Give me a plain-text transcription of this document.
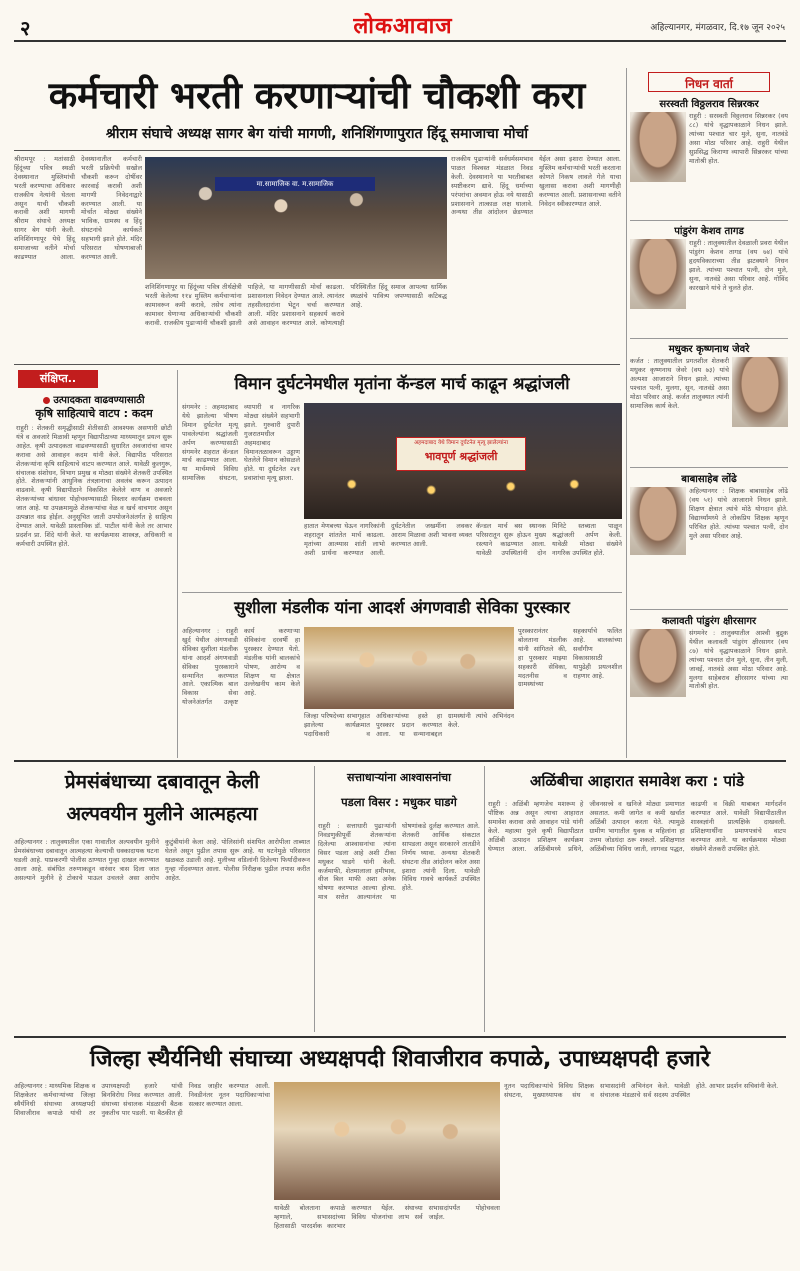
२	लोकआवाज	अहिल्यानगर, मंगळवार, दि.१७ जून २०२५
कर्मचारी भरती करणाऱ्यांची चौकशी करा
श्रीराम संघाचे अध्यक्ष सागर बेग यांची मागणी, शनिशिंगणापुरात हिंदू समाजाचा मोर्चा
श्रीरामपूर : मतांसाठी हिंदूंच्या पवित्र स्थळी देवस्थानात मुस्लिमांची भरती करण्याचा अधिकार राजकीय नेत्यांनी घेतला असून याची चौकशी करावी अशी मागणी श्रीराम संघाचे अध्यक्ष सागर बेग यांनी केली. शनिशिंगणापूर येथे हिंदू समाजाच्या वतीने मोर्चा काढण्यात आला. देवस्थानातील कर्मचारी भरती प्रक्रियेची सखोल चौकशी करून दोषींवर कारवाई करावी अशी मागणी निवेदनाद्वारे करण्यात आली. या मोर्चात मोठ्या संख्येने भाविक, ग्रामस्थ व हिंदू संघटनांचे कार्यकर्ते सहभागी झाले होते. मंदिर परिसरात घोषणाबाजी करण्यात आली.
मा.सामाजिक वा. म.सामाजिक
शनिशिंगणापूर या हिंदूंच्या पवित्र तीर्थक्षेत्री भरती केलेल्या ११४ मुस्लिम कर्मचाऱ्यांना कामावरून कमी करावे, तसेच त्यांना कामावर घेणाऱ्या अधिकाऱ्यांची चौकशी करावी. राजकीय पुढाऱ्यांनी चौकशी झाली पाहिजे, या मागणीसाठी मोर्चा काढला. प्रशासनाला निवेदन देण्यात आले. त्यानंतर तहसीलदारांना भेटून चर्चा करण्यात आली. मंदिर प्रशासनाने सहकार्य करावे असे आवाहन करण्यात आले. कोणत्याही परिस्थितीत हिंदू समाज आपल्या धार्मिक स्थळांचे पावित्र्य जपण्यासाठी कटिबद्ध आहे.
राजकीय पुढाऱ्यांनी सर्वधर्मसमभाव पाळत विश्वस्त मंडळात निवड केली. देवस्थानाने या भरतीबाबत स्पष्टीकरण द्यावे. हिंदू धर्माच्या परंपरांचा अवमान होऊ नये यासाठी प्रशासनाने तात्काळ लक्ष घालावे. अन्यथा तीव्र आंदोलन छेडण्यात येईल असा इशारा देण्यात आला. मुस्लिम कर्मचाऱ्यांची भरती करताना कोणते निकष लावले गेले याचा खुलासा करावा अशी मागणीही करण्यात आली. प्रशासनाच्या वतीने निवेदन स्वीकारण्यात आले.
निधन वार्ता
सरस्वती विठ्ठलराव सिन्नरकर
राहुरी : सरस्वती विठ्ठलराव सिन्नरकर (वय ८८) यांचे वृद्धापकाळाने निधन झाले. त्यांच्या पश्चात चार मुले, सुना, नातवंडे असा मोठा परिवार आहे. राहुरी येथील सुप्रसिद्ध किराणा व्यापारी सिन्नरकर यांच्या मातोश्री होत.
पांडुरंग केशव तागड
राहुरी : तालुक्यातील देवळाली प्रवरा येथील पांडुरंग केशव तागड (वय ७४) यांचे हृदयविकाराच्या तीव्र झटक्याने निधन झाले. त्यांच्या पश्चात पत्नी, दोन मुले, सुना, नातवंडे असा परिवार आहे. गोविंद कारखाने यांचे ते चुलते होत.
मधुकर कृष्णनाथ जेवरे
कर्जत : तालुक्यातील प्रगतशील शेतकरी मधुकर कृष्णनाथ जेवरे (वय ७३) यांचे अल्पशा आजाराने निधन झाले. त्यांच्या पश्चात पत्नी, मुलगा, सून, नातवंडे असा मोठा परिवार आहे. कर्जत तालुक्यात त्यांनी सामाजिक कार्य केले.
बाबासाहेब लोंढे
अहिल्यानगर : शिक्षक बाबासाहेब लोंढे (वय ५१) यांचे आजाराने निधन झाले. शिक्षण क्षेत्रात त्यांचे मोठे योगदान होते. विद्यार्थ्यांमध्ये ते लोकप्रिय शिक्षक म्हणून परिचित होते. त्यांच्या पश्चात पत्नी, दोन मुले असा परिवार आहे.
कलावती पांडुरंग क्षीरसागर
संगमनेर : तालुक्यातील आश्वी बुद्रुक येथील कलावती पांडुरंग क्षीरसागर (वय ८७) यांचे वृद्धापकाळाने निधन झाले. त्यांच्या पश्चात दोन मुले, सुना, तीन मुली, जावई, नातवंडे असा मोठा परिवार आहे. मुलगा साहेबराव क्षीरसागर यांच्या त्या मातोश्री होत.
संक्षिप्त..
उत्पादकता वाढवण्यासाठी
कृषि साहित्याचे वाटप : कदम
राहुरी : शेतकरी समृद्धीसाठी शेतीसाठी आवश्यक असणारी छोटी यंत्रे व अवजारे मिळावी म्हणून विद्यापीठाच्या माध्यमातून प्रयत्न सुरू आहेत. कृषी उत्पादकता वाढवण्यासाठी सुधारित अवजारांचा वापर करावा असे आवाहन कदम यांनी केले. विद्यापीठ परिसरात शेतकऱ्यांना कृषि साहित्याचे वाटप करण्यात आले. यावेळी कुलगुरू, संचालक संशोधन, विभाग प्रमुख व मोठ्या संख्येने शेतकरी उपस्थित होते. शेतकऱ्यांनी आधुनिक तंत्रज्ञानाचा अवलंब करून उत्पादन वाढवावे. कृषी विद्यापीठाने विकसित केलेले वाण व अवजारे शेतकऱ्यांच्या बांधावर पोहोचवण्यासाठी विस्तार कार्यक्रम राबवला जात आहे. या उपक्रमामुळे शेतकऱ्यांचा वेळ व खर्च वाचणार असून उत्पन्नात वाढ होईल. अनुसूचित जाती उपयोजनेअंतर्गत हे साहित्य देण्यात आले. यावेळी प्रास्ताविक डॉ. पाटील यांनी केले तर आभार प्रदर्शन प्रा. शिंदे यांनी केले. या कार्यक्रमास शास्त्रज्ञ, अधिकारी व कर्मचारी उपस्थित होते.
विमान दुर्घटनेमधील मृतांना कॅन्डल मार्च काढून श्रद्धांजली
संगमनेर : अहमदाबाद येथे झालेल्या भीषण विमान दुर्घटनेत मृत्यू पावलेल्यांना श्रद्धांजली अर्पण करण्यासाठी संगमनेर शहरात कॅन्डल मार्च काढण्यात आला. या मार्चमध्ये विविध सामाजिक संघटना, व्यापारी व नागरिक मोठ्या संख्येने सहभागी झाले. गुरुवारी दुपारी गुजरातमधील अहमदाबाद विमानतळावरून उड्डाण घेतलेले विमान कोसळले होते. या दुर्घटनेत २४१ प्रवाशांचा मृत्यू झाला.
अहमदाबाद येथे विमान दुर्घटनेत मृत्यू झालेल्यांना
भावपूर्ण श्रद्धांजली
हातात मेणबत्त्या घेऊन नागरिकांनी शहरातून शांततेत मार्च काढला. मृतांच्या आत्म्यास शांती लाभो अशी प्रार्थना करण्यात आली. दुर्घटनेतील जखमींना लवकर आराम मिळावा अशी भावना व्यक्त करण्यात आली.
कॅन्डल मार्च बस स्थानक परिसरातून सुरू होऊन मुख्य रस्त्याने काढण्यात आला. यावेळी उपस्थितांनी दोन मिनिटे स्तब्धता पाळून श्रद्धांजली अर्पण केली. यावेळी मोठ्या संख्येने नागरिक उपस्थित होते.
सुशीला मंडलीक यांना आदर्श अंगणवाडी सेविका पुरस्कार
अहिल्यानगर : राहुरी खुर्द येथील अंगणवाडी सेविका सुशीला मंडलीक यांना आदर्श अंगणवाडी सेविका पुरस्काराने सन्मानित करण्यात आले. एकात्मिक बाल विकास सेवा योजनेअंतर्गत उत्कृष्ट कार्य करणाऱ्या सेविकांना दरवर्षी हा पुरस्कार देण्यात येतो. मंडलीक यांनी बालकांचे पोषण, आरोग्य व शिक्षण या क्षेत्रात उल्लेखनीय काम केले आहे.
जिल्हा परिषदेच्या सभागृहात झालेल्या कार्यक्रमात पदाधिकारी व अधिकाऱ्यांच्या हस्ते हा पुरस्कार प्रदान करण्यात आला. या सन्मानाबद्दल ग्रामस्थांनी त्यांचे अभिनंदन केले.
पुरस्कारानंतर बोलताना मंडलीक यांनी सांगितले की, हा पुरस्कार माझ्या सहकारी सेविका, मदतनीस व ग्रामस्थांच्या सहकार्याचे फलित आहे. बालकांच्या सर्वांगीण विकासासाठी यापुढेही प्रयत्नशील राहणार आहे.
प्रेमसंबंधाच्या दबावातून केली
अल्पवयीन मुलीने आत्महत्या
अहिल्यानगर : तालुक्यातील एका गावातील अल्पवयीन मुलीने प्रेमसंबंधाच्या दबावातून आत्महत्या केल्याची धक्कादायक घटना घडली आहे. याप्रकरणी पोलीस ठाण्यात गुन्हा दाखल करण्यात आला आहे. संबंधित तरुणाकडून वारंवार त्रास दिला जात असल्याने मुलीने हे टोकाचे पाऊल उचलले असा आरोप कुटुंबीयांनी केला आहे. पोलिसांनी संशयित आरोपीला ताब्यात घेतले असून पुढील तपास सुरू आहे. या घटनेमुळे परिसरात खळबळ उडाली आहे. मुलीच्या वडिलांनी दिलेल्या फिर्यादीवरून गुन्हा नोंदवण्यात आला. पोलीस निरीक्षक पुढील तपास करीत आहेत.
सत्ताधाऱ्यांना आश्वासनांचा
पडला विसर : मधुकर घाडगे
राहुरी : सत्ताधारी पुढाऱ्यांनी निवडणुकीपूर्वी शेतकऱ्यांना दिलेल्या आश्वासनांचा त्यांना विसर पडला आहे अशी टीका मधुकर घाडगे यांनी केली. कर्जमाफी, शेतमालाला हमीभाव, वीज बिल माफी अशा अनेक घोषणा करण्यात आल्या होत्या. मात्र सत्तेत आल्यानंतर या घोषणांकडे दुर्लक्ष करण्यात आले. शेतकरी आर्थिक संकटात सापडला असून सरकारने तातडीने निर्णय घ्यावा. अन्यथा शेतकरी संघटना तीव्र आंदोलन करेल असा इशारा त्यांनी दिला. यावेळी विविध गावचे कार्यकर्ते उपस्थित होते.
अळिंबीचा आहारात समावेश करा : पांडे
राहुरी : अळिंबी म्हणजेच मशरूम हे पौष्टिक अन्न असून त्याचा आहारात समावेश करावा असे आवाहन पांडे यांनी केले. महात्मा फुले कृषी विद्यापीठात अळिंबी उत्पादन प्रशिक्षण कार्यक्रम घेण्यात आला. अळिंबीमध्ये प्रथिने, जीवनसत्त्वे व खनिजे मोठ्या प्रमाणात असतात. कमी जागेत व कमी खर्चात अळिंबी उत्पादन करता येते. त्यामुळे ग्रामीण भागातील युवक व महिलांना हा उत्तम जोडधंदा ठरू शकतो. प्रशिक्षणात अळिंबीच्या विविध जाती, लागवड पद्धत, काढणी व विक्री याबाबत मार्गदर्शन करण्यात आले. यावेळी विद्यापीठातील शास्त्रज्ञांनी प्रात्यक्षिके दाखवली. प्रशिक्षणार्थींना प्रमाणपत्रांचे वाटप करण्यात आले. या कार्यक्रमास मोठ्या संख्येने शेतकरी उपस्थित होते.
जिल्हा स्थैर्यनिधी संघाच्या अध्यक्षपदी शिवाजीराव कपाळे, उपाध्यक्षपदी हजारे
अहिल्यानगर : माध्यमिक शिक्षक व शिक्षकेतर कर्मचाऱ्यांच्या जिल्हा स्थैर्यनिधी संघाच्या अध्यक्षपदी शिवाजीराव कपाळे यांची तर उपाध्यक्षपदी हजारे यांची बिनविरोध निवड करण्यात आली. संघाच्या संचालक मंडळाची बैठक नुकतीच पार पडली. या बैठकीत ही निवड जाहीर करण्यात आली. निवडीनंतर नूतन पदाधिकाऱ्यांचा सत्कार करण्यात आला.
यावेळी बोलताना कपाळे म्हणाले, सभासदांच्या हितासाठी पारदर्शक कारभार करण्यात येईल. संघाच्या विविध योजनांचा लाभ सर्व सभासदांपर्यंत पोहोचवला जाईल.
नूतन पदाधिकाऱ्यांचे विविध शिक्षक संघटना, मुख्याध्यापक संघ व सभासदांनी अभिनंदन केले. यावेळी संचालक मंडळाचे सर्व सदस्य उपस्थित होते. आभार प्रदर्शन सचिवांनी केले.
